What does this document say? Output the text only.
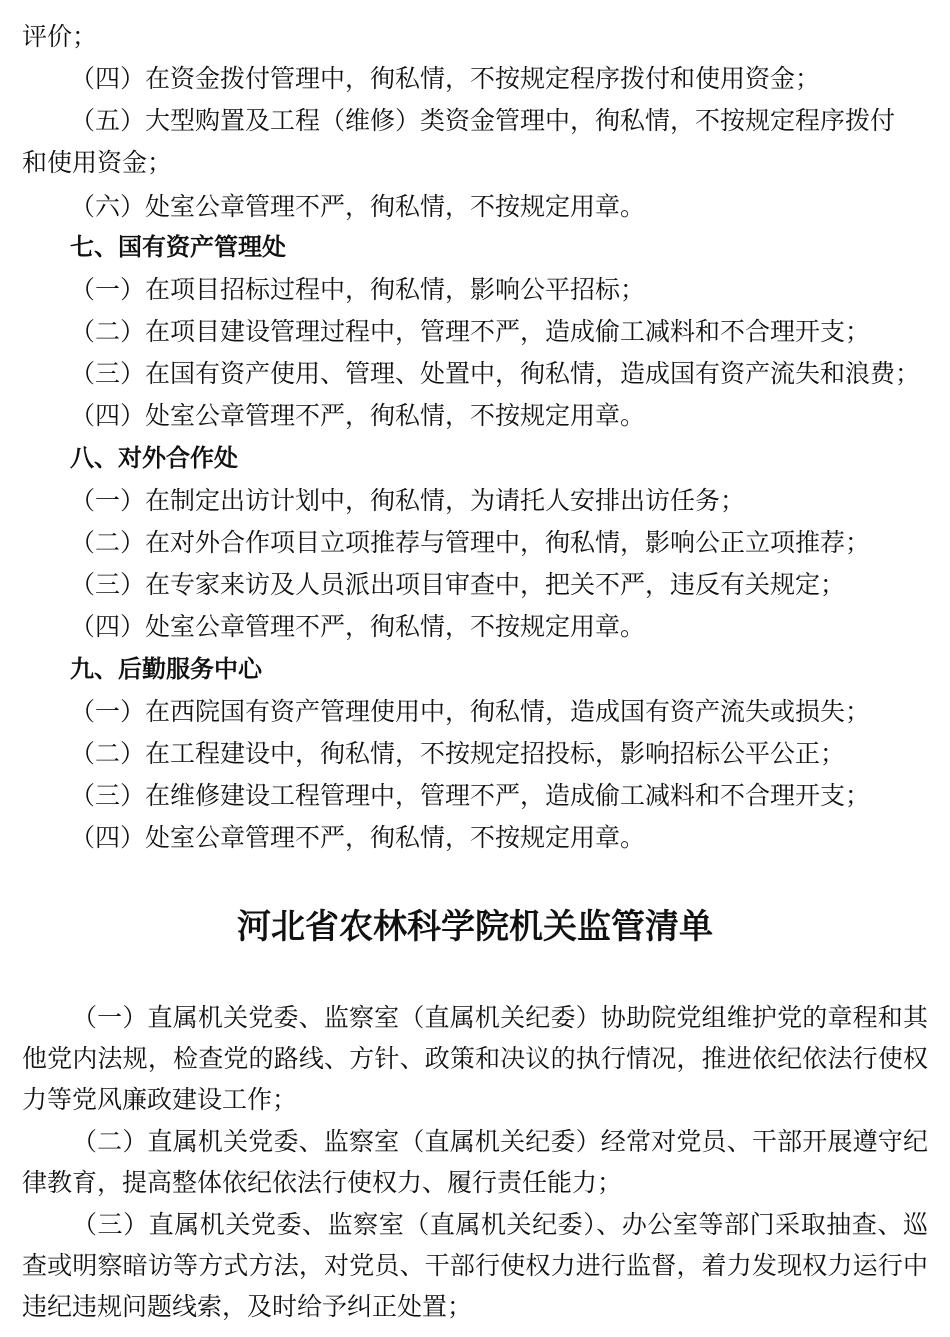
评价；
（四）在资金拨付管理中，徇私情，不按规定程序拨付和使用资金；
（五）大型购置及工程（维修）类资金管理中，徇私情，不按规定程序拨付
和使用资金；
（六）处室公章管理不严，徇私情，不按规定用章。
七、国有资产管理处
（一）在项目招标过程中，徇私情，影响公平招标；
（二）在项目建设管理过程中，管理不严，造成偷工减料和不合理开支；
（三）在国有资产使用、管理、处置中，徇私情，造成国有资产流失和浪费；
（四）处室公章管理不严，徇私情，不按规定用章。
八、对外合作处
（一）在制定出访计划中，徇私情，为请托人安排出访任务；
（二）在对外合作项目立项推荐与管理中，徇私情，影响公正立项推荐；
（三）在专家来访及人员派出项目审查中，把关不严，违反有关规定；
（四）处室公章管理不严，徇私情，不按规定用章。
九、后勤服务中心
（一）在西院国有资产管理使用中，徇私情，造成国有资产流失或损失；
（二）在工程建设中，徇私情，不按规定招投标，影响招标公平公正；
（三）在维修建设工程管理中，管理不严，造成偷工减料和不合理开支；
（四）处室公章管理不严，徇私情，不按规定用章。
河北省农林科学院机关监管清单

（一）直属机关党委、监察室（直属机关纪委）协助院党组维护党的章程和其他党内法规，检查党的路线、方针、政策和决议的执行情况，推进依纪依法行使权力等党风廉政建设工作；

（二）直属机关党委、监察室（直属机关纪委）经常对党员、干部开展遵守纪律教育，提高整体依纪依法行使权力、履行责任能力；

（三）直属机关党委、监察室（直属机关纪委）、办公室等部门采取抽查、巡查或明察暗访等方式方法，对党员、干部行使权力进行监督，着力发现权力运行中违纪违规问题线索，及时给予纠正处置；
